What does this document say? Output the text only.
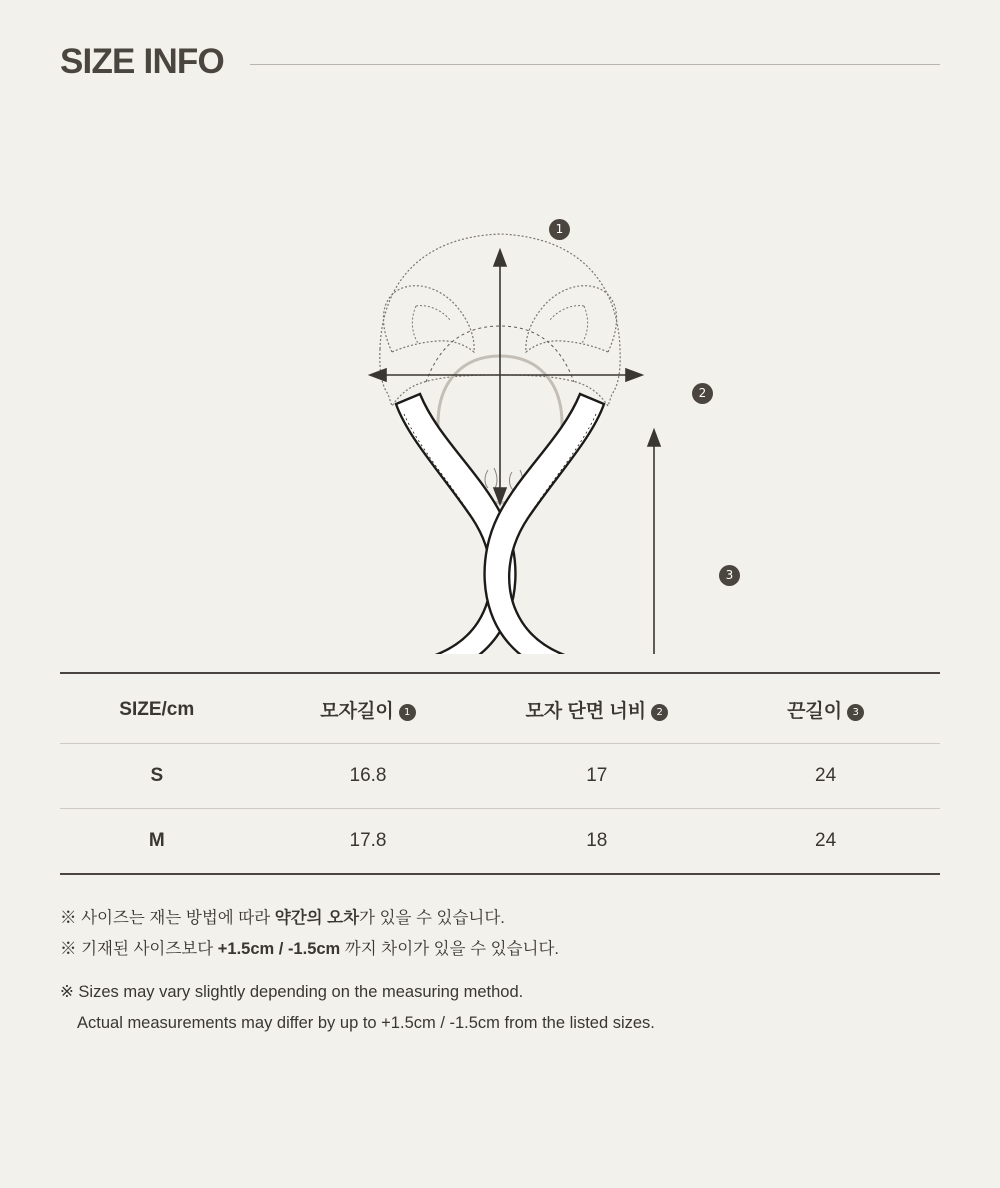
SIZE INFO
1
2
3
SIZE/cm	모자길이 1	모자 단면 너비 2	끈길이 3
S	16.8	17	24
M	17.8	18	24
※ 사이즈는 재는 방법에 따라 약간의 오차가 있을 수 있습니다.
※ 기재된 사이즈보다 +1.5cm / -1.5cm 까지 차이가 있을 수 있습니다.
※ Sizes may vary slightly depending on the measuring method.
Actual measurements may differ by up to +1.5cm / -1.5cm from the listed sizes.
